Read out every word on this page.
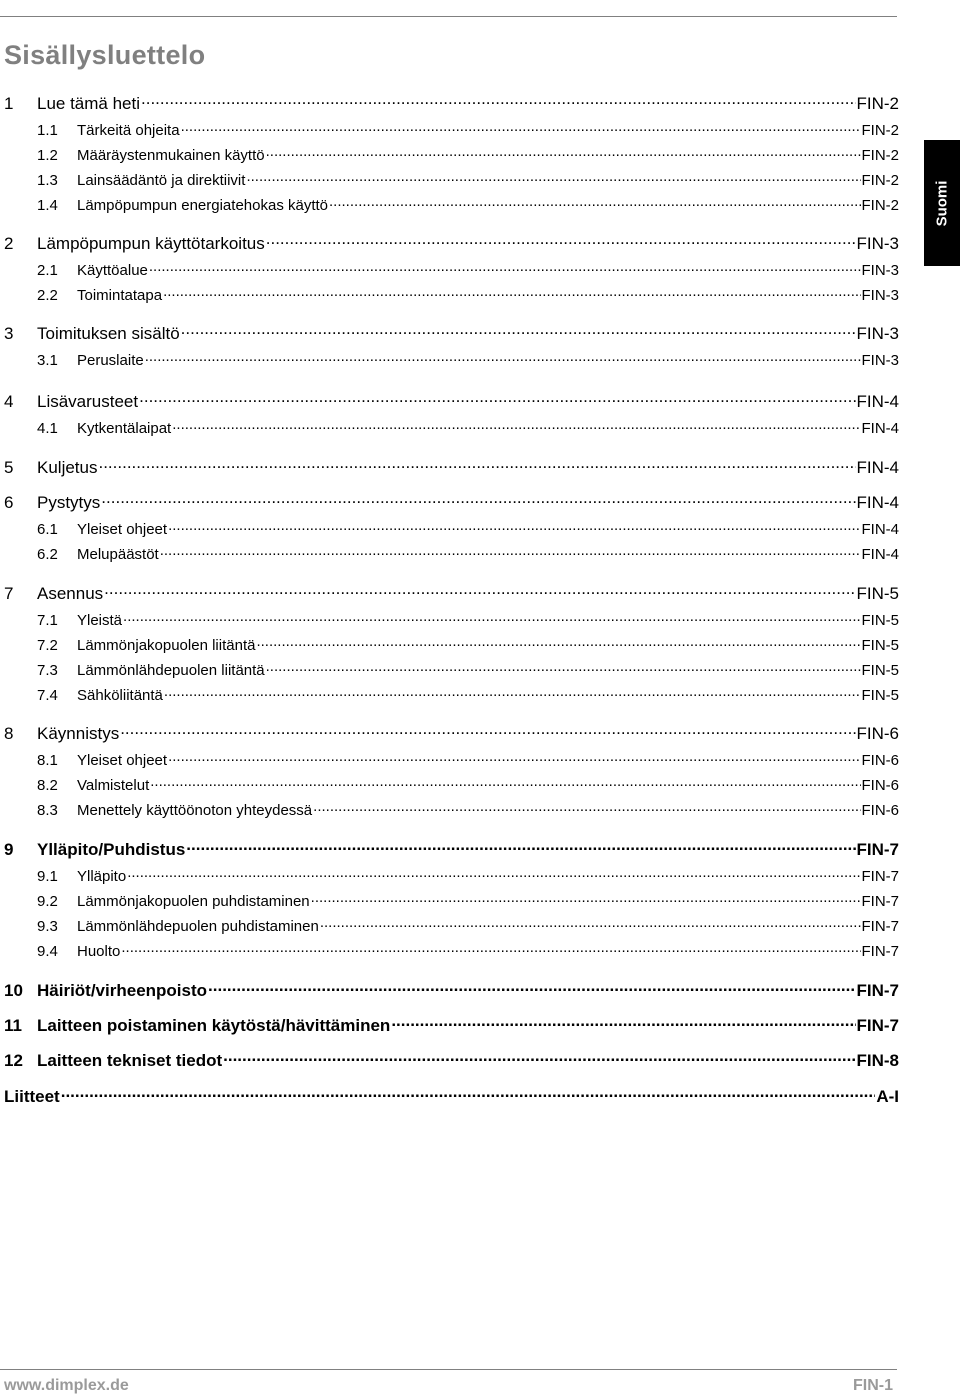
Sisällysluettelo
Suomi
1	Lue tämä heti .....	FIN-2
1.1	Tärkeitä ohjeita .....	FIN-2
1.2	Määräystenmukainen käyttö .....	FIN-2
1.3	Lainsäädäntö ja direktiivit .....	FIN-2
1.4	Lämpöpumpun energiatehokas käyttö .....	FIN-2
2	Lämpöpumpun käyttötarkoitus .....	FIN-3
2.1	Käyttöalue .....	FIN-3
2.2	Toimintatapa .....	FIN-3
3	Toimituksen sisältö .....	FIN-3
3.1	Peruslaite .....	FIN-3
4	Lisävarusteet .....	FIN-4
4.1	Kytkentälaipat .....	FIN-4
5	Kuljetus .....	FIN-4
6	Pystytys .....	FIN-4
6.1	Yleiset ohjeet .....	FIN-4
6.2	Melupäästöt .....	FIN-4
7	Asennus .....	FIN-5
7.1	Yleistä .....	FIN-5
7.2	Lämmönjakopuolen liitäntä .....	FIN-5
7.3	Lämmönlähdepuolen liitäntä .....	FIN-5
7.4	Sähköliitäntä .....	FIN-5
8	Käynnistys .....	FIN-6
8.1	Yleiset ohjeet .....	FIN-6
8.2	Valmistelut .....	FIN-6
8.3	Menettely käyttöönoton yhteydessä .....	FIN-6
9	Ylläpito/Puhdistus .....	FIN-7
9.1	Ylläpito .....	FIN-7
9.2	Lämmönjakopuolen puhdistaminen .....	FIN-7
9.3	Lämmönlähdepuolen puhdistaminen .....	FIN-7
9.4	Huolto .....	FIN-7
10 Häiriöt/virheenpoisto .....	FIN-7
11 Laitteen poistaminen käytöstä/hävittäminen .....	FIN-7
12 Laitteen tekniset tiedot .....	FIN-8
Liitteet .....	A-I
www.dimplex.de	FIN-1
